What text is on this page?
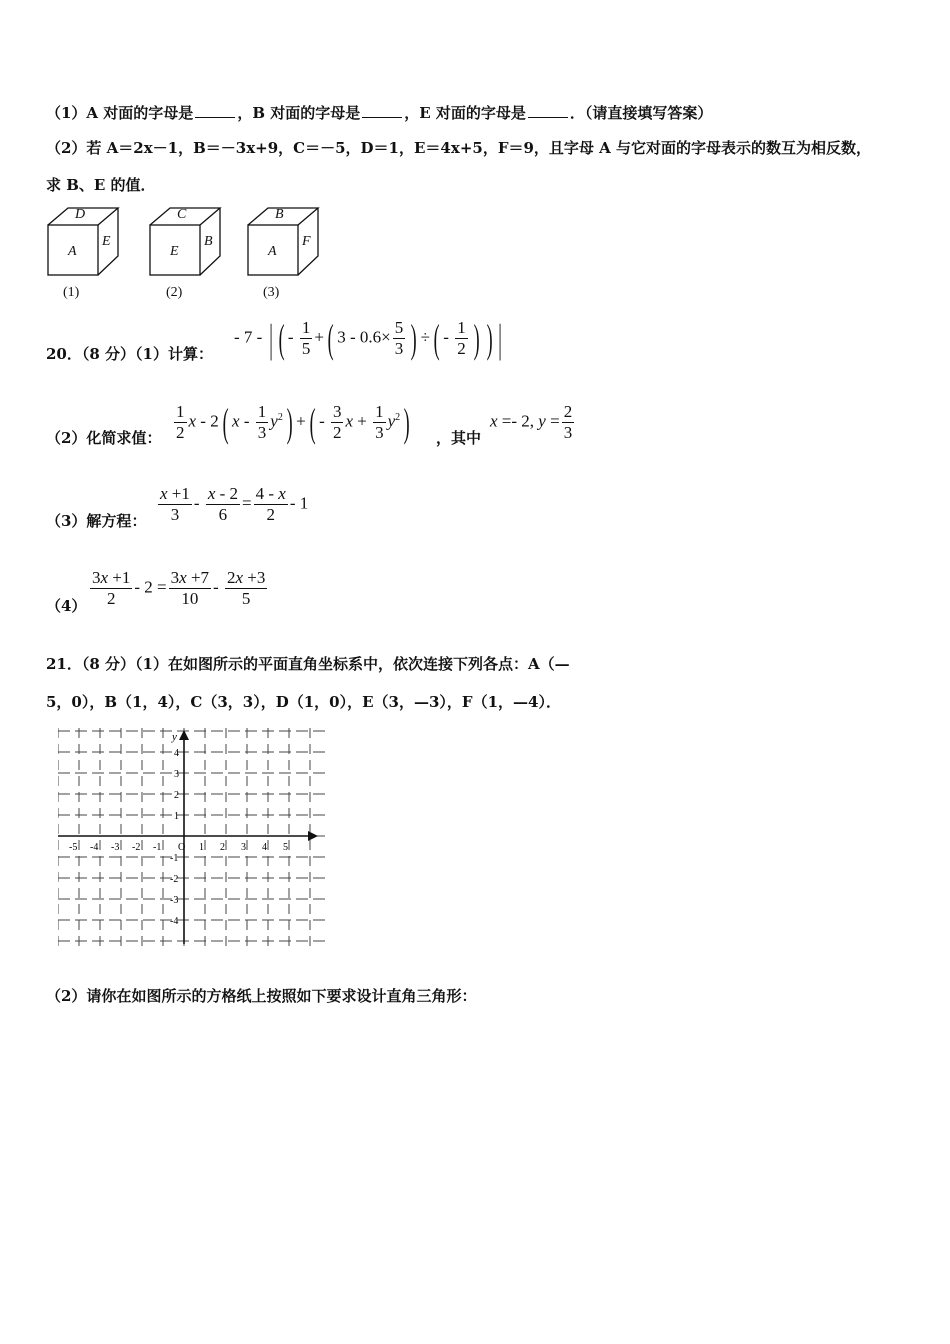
（1）A 对面的字母是	，B 对面的字母是	，E 对面的字母是	．（请直接填写答案）
（2）若 A＝2x－1，B＝－3x+9，C＝－5，D＝1，E＝4x+5，F＝9，且字母 A 与它对面的字母表示的数互为相反数，
求 B、E 的值．
D
A
E
(1)
C
E
B
(2)
B
A
F
(3)
20．（8 分）（1）计算：
- 7 - | ( - $\frac{1}{5}$ +( $3 - 0.6\times \frac{5}{3}$ ) ÷( - $\frac{1}{2}$ ) ) |
（2）化简求值： $\frac{1}{2}$ x - 2( x - $\frac{1}{3} y^2$) +( - $\frac{3}{2}$ $x + \frac{1}{3} y^2$) ，其中
x =- 2, $y = \frac{2}{3}$
（3）解方程： $\frac{x +1}{3} - \frac{x - 2}{6} = \frac{4 - x}{2} - 1$
$(4) \frac{3x +1}{2} - 2 = \frac{3x +7}{10} - \frac{2x +3}{5}$
21．（8 分）（1）在如图所示的平面直角坐标系中，依次连接下列各点：A（—
5，0），B（1，4），C（3，3），D（1，0），E（3，—3），F（1，—4）．
y
-5 -4 -3 -2 -1 O 1 2 3 4 5
4
3
2
1
-1
-2
-3
-4
（2）请你在如图所示的方格纸上按照如下要求设计直角三角形：
